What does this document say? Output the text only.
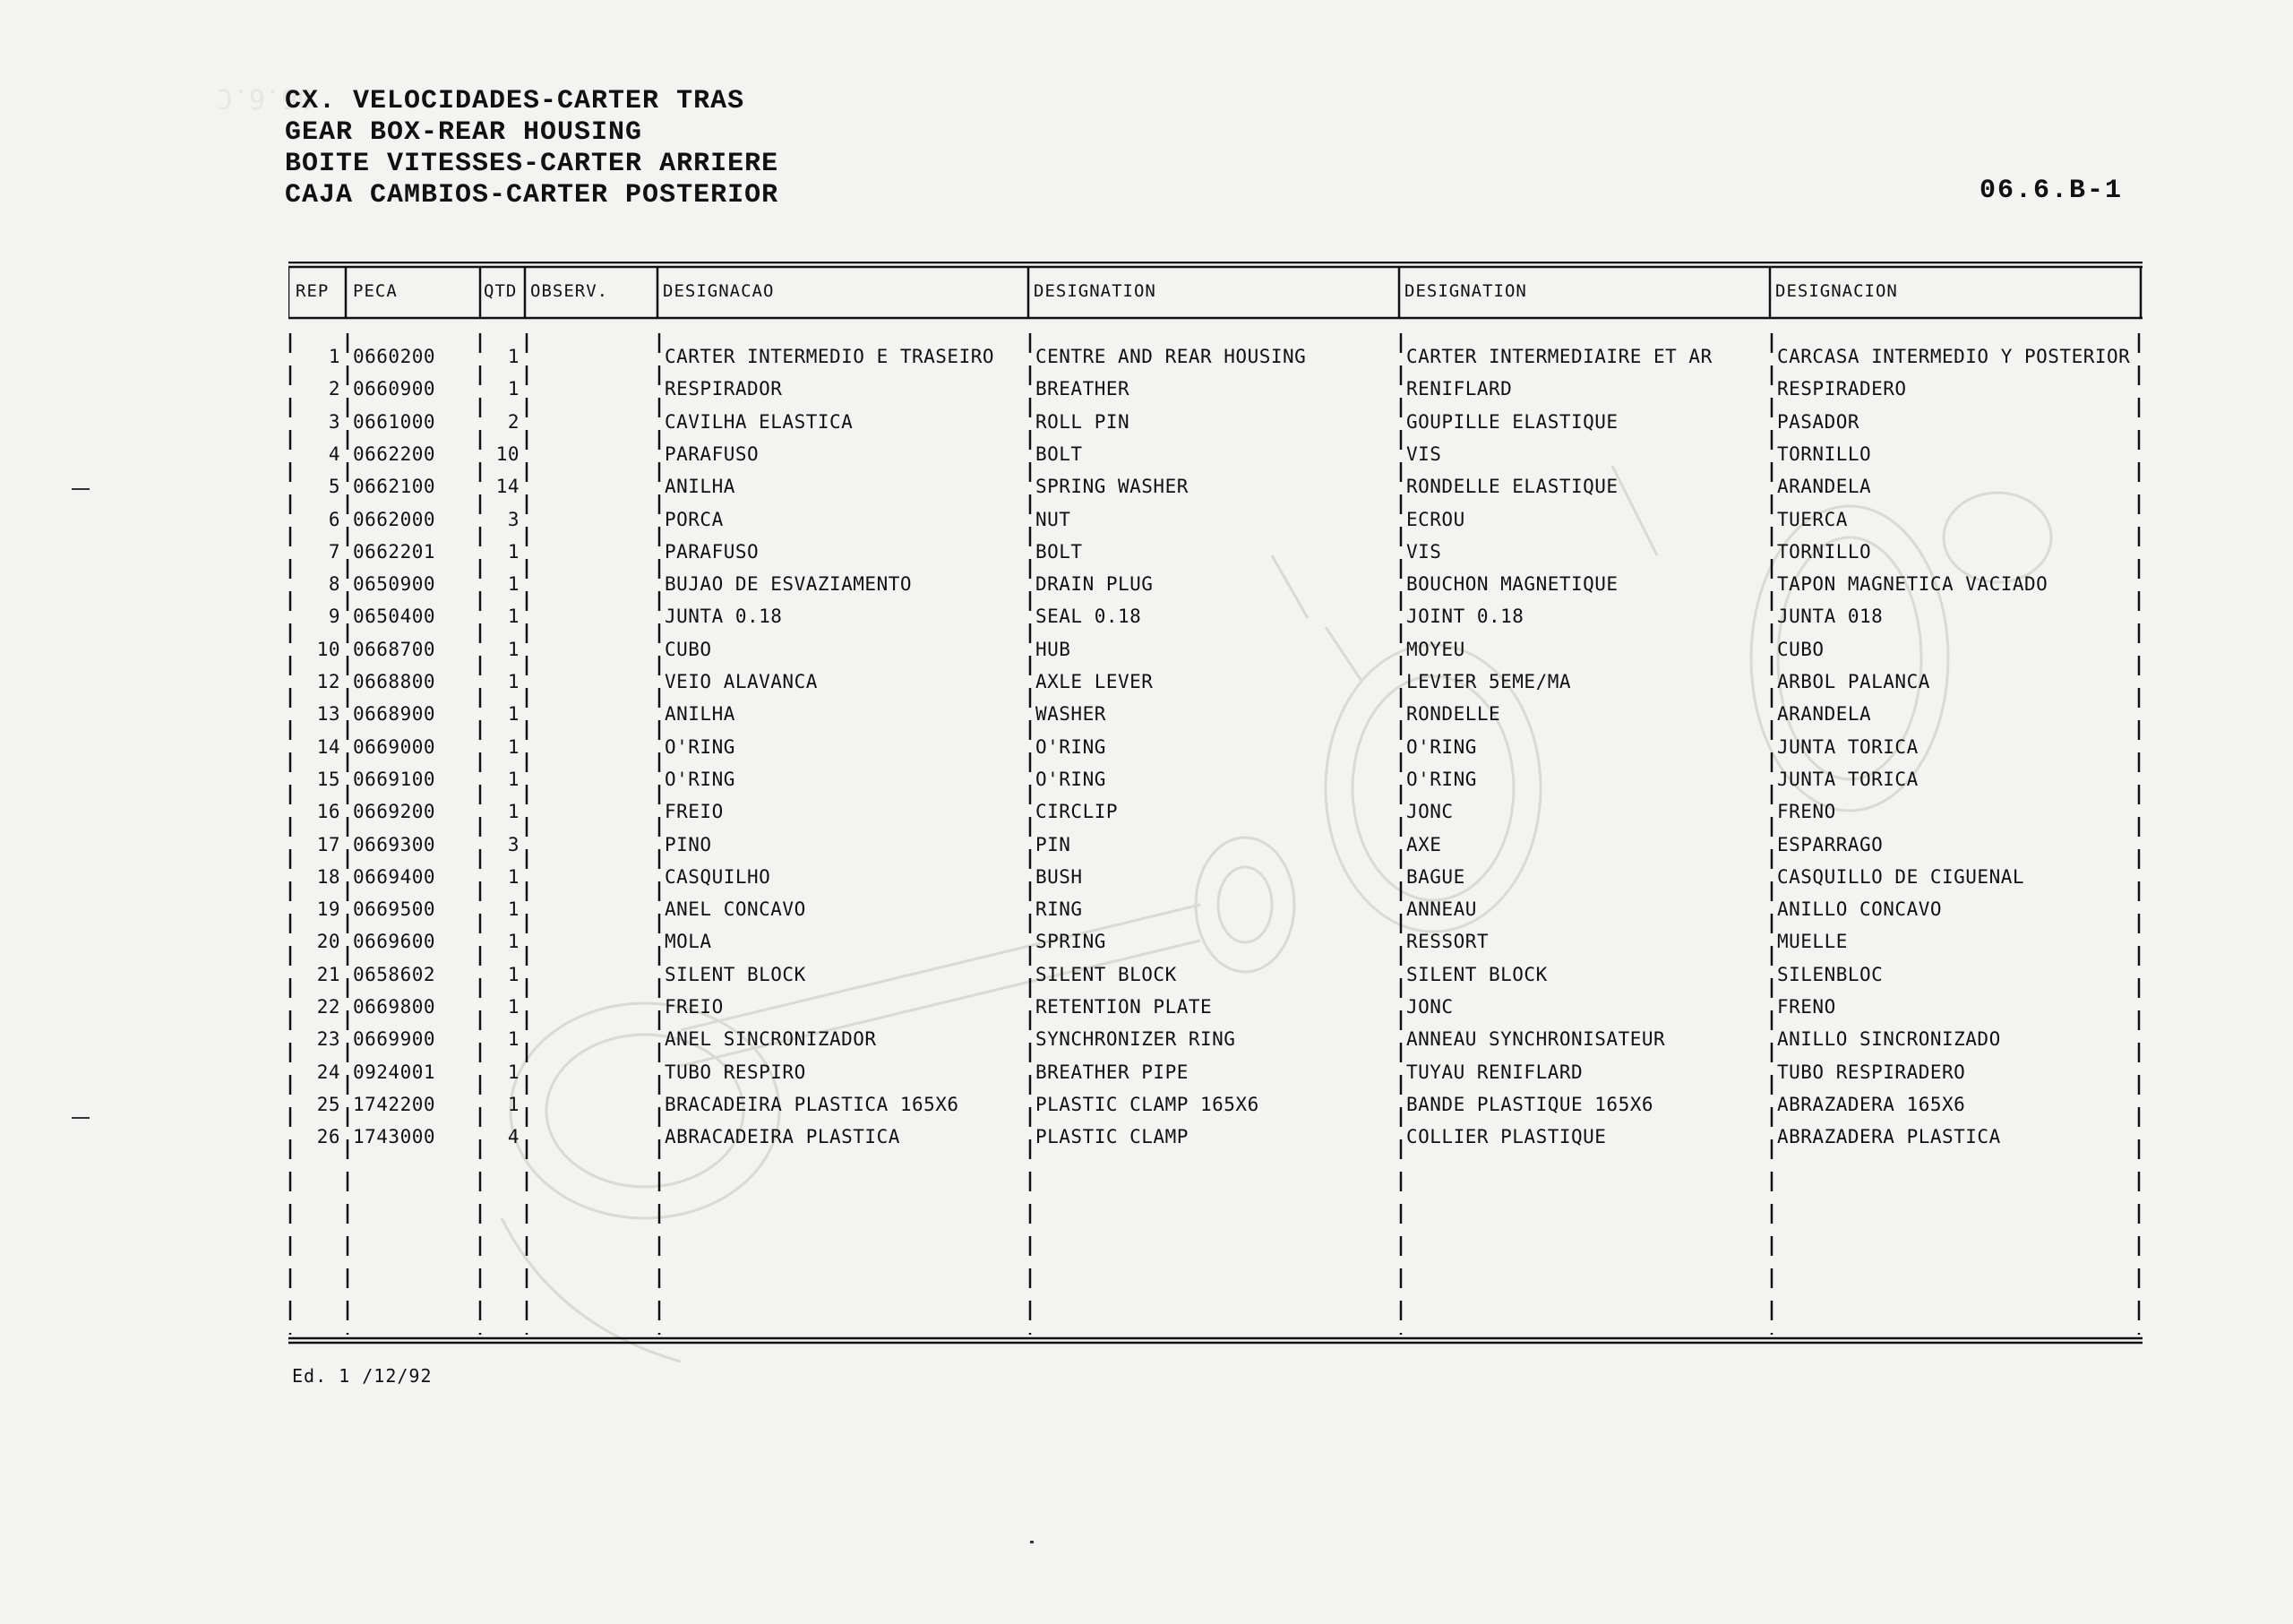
06.6.C
CX. VELOCIDADES-CARTER TRAS
GEAR BOX-REAR HOUSING
BOITE VITESSES-CARTER ARRIERE
CAJA CAMBIOS-CARTER POSTERIOR	06.6.B-1
REP PECA	QTD OBSERV.	DESIGNACAO	DESIGNATION	DESIGNATION	DESIGNACION
1 0660200	1	CARTER INTERMEDIO E TRASEIRO	CENTRE AND REAR HOUSING	CARTER INTERMEDIAIRE ET AR	CARCASA INTERMEDIO Y POSTERIOR
2 0660900	1	RESPIRADOR	BREATHER	RENIFLARD	RESPIRADERO
3 0661000	2	CAVILHA ELASTICA	ROLL PIN	GOUPILLE ELASTIQUE	PASADOR
4 0662200	10	PARAFUSO	BOLT	VIS	TORNILLO
5 0662100	14	ANILHA	SPRING WASHER	RONDELLE ELASTIQUE	ARANDELA
6 0662000	3	PORCA	NUT	ECROU	TUERCA
7 0662201	1	PARAFUSO	BOLT	VIS	TORNILLO
8 0650900	1	BUJAO DE ESVAZIAMENTO	DRAIN PLUG	BOUCHON MAGNETIQUE	TAPON MAGNETICA VACIADO
9 0650400	1	JUNTA 0.18	SEAL 0.18	JOINT 0.18	JUNTA 018
10 0668700	1	CUBO	HUB	MOYEU	CUBO
12 0668800	1	VEIO ALAVANCA	AXLE LEVER	LEVIER 5EME/MA	ARBOL PALANCA
13 0668900	1	ANILHA	WASHER	RONDELLE	ARANDELA
14 0669000	1	O'RING	O'RING	O'RING	JUNTA TORICA
15 0669100	1	O'RING	O'RING	O'RING	JUNTA TORICA
16 0669200	1	FREIO	CIRCLIP	JONC	FRENO
17 0669300	3	PINO	PIN	AXE	ESPARRAGO
18 0669400	1	CASQUILHO	BUSH	BAGUE	CASQUILLO DE CIGUENAL
19 0669500	1	ANEL CONCAVO	RING	ANNEAU	ANILLO CONCAVO
20 0669600	1	MOLA	SPRING	RESSORT	MUELLE
21 0658602	1	SILENT BLOCK	SILENT BLOCK	SILENT BLOCK	SILENBLOC
22 0669800	1	FREIO	RETENTION PLATE	JONC	FRENO
23 0669900	1	ANEL SINCRONIZADOR	SYNCHRONIZER RING	ANNEAU SYNCHRONISATEUR	ANILLO SINCRONIZADO
24 0924001	1	TUBO RESPIRO	BREATHER PIPE	TUYAU RENIFLARD	TUBO RESPIRADERO
25 1742200	1	BRACADEIRA PLASTICA 165X6	PLASTIC CLAMP 165X6	BANDE PLASTIQUE 165X6	ABRAZADERA 165X6
26 1743000	4	ABRACADEIRA PLASTICA	PLASTIC CLAMP	COLLIER PLASTIQUE	ABRAZADERA PLASTICA
Ed. 1 /12/92
